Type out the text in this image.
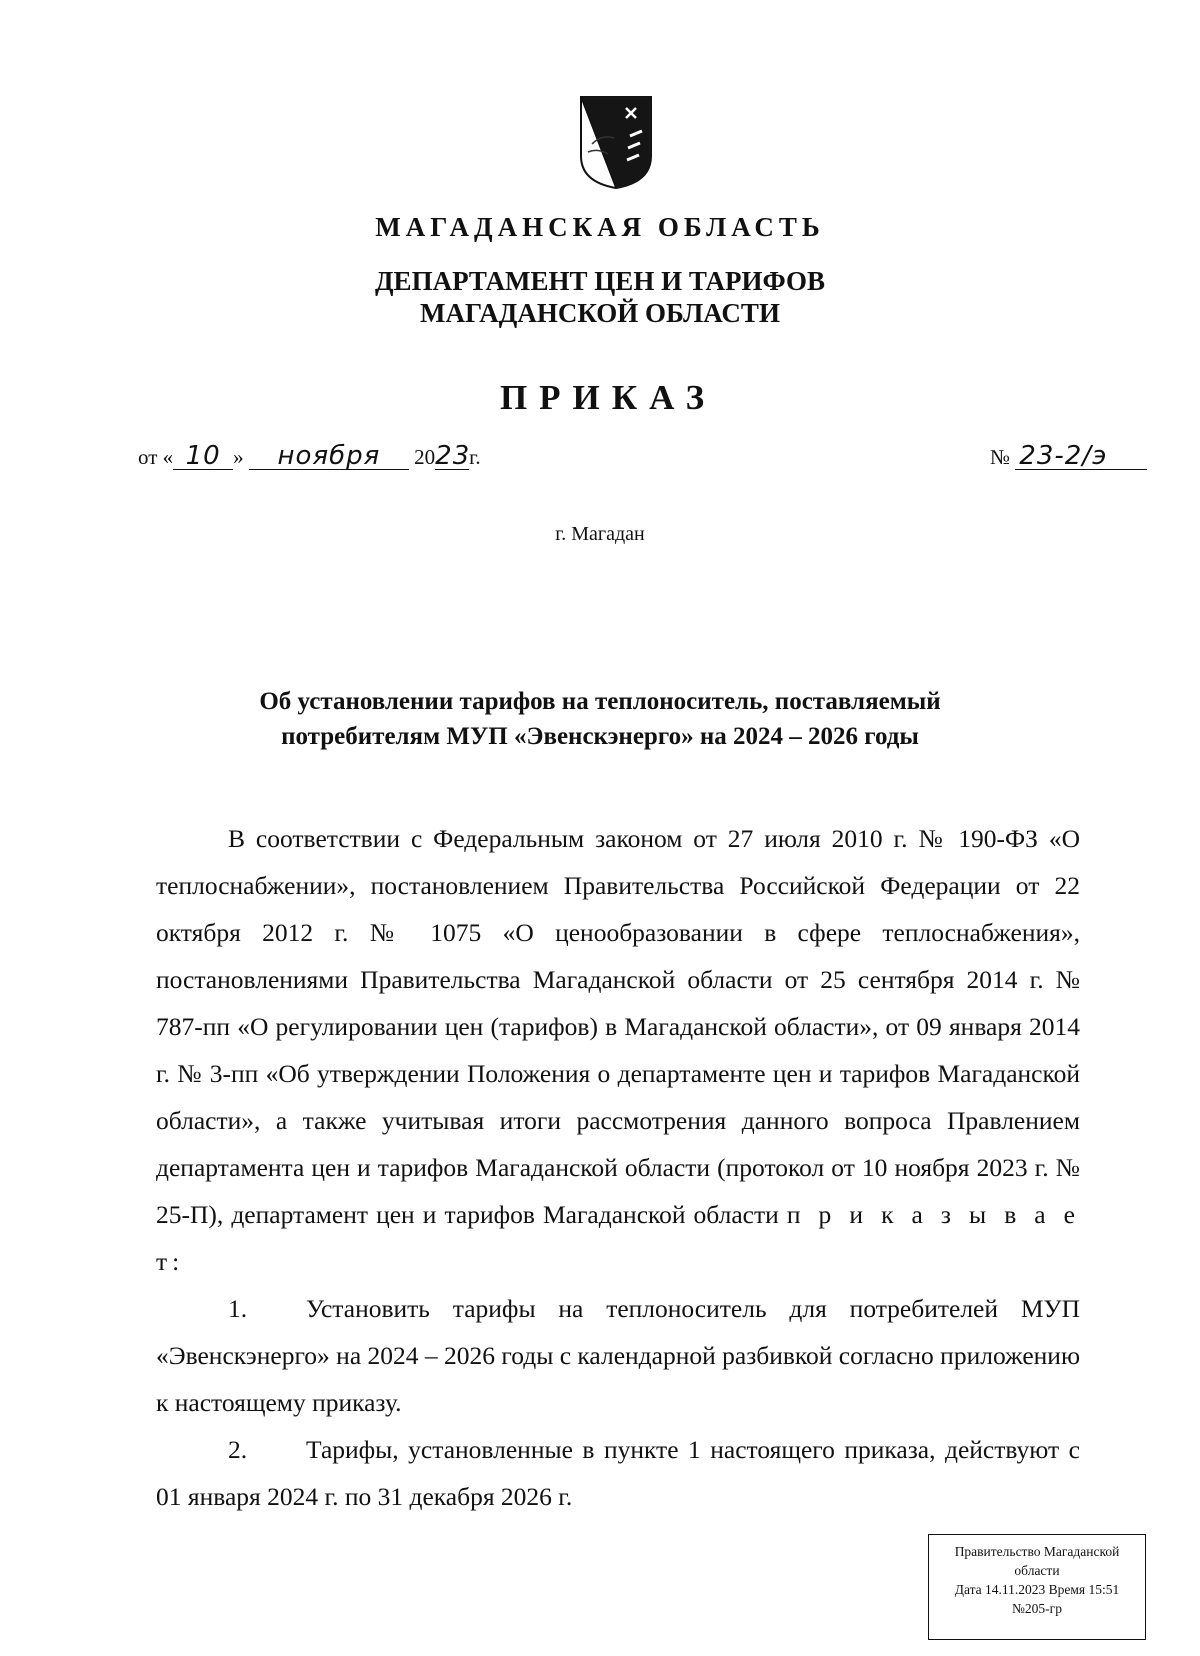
МАГАДАНСКАЯ ОБЛАСТЬ
ДЕПАРТАМЕНТ ЦЕН И ТАРИФОВ
МАГАДАНСКОЙ ОБЛАСТИ
ПРИКАЗ
от « 10 » ноября 2023г.	№ 23-2/э
г. Магадан
Об установлении тарифов на теплоноситель, поставляемый
потребителям МУП «Эвенскэнерго» на 2024 – 2026 годы

В соответствии с Федеральным законом от 27 июля 2010 г. № 190-ФЗ «О теплоснабжении», постановлением Правительства Российской Федерации от 22 октября 2012 г. № 1075 «О ценообразовании в сфере теплоснабжения», постановлениями Правительства Магаданской области от 25 сентября 2014 г. № 787-пп «О регулировании цен (тарифов) в Магаданской области», от 09 января 2014 г. № 3-пп «Об утверждении Положения о департаменте цен и тарифов Магаданской области», а также учитывая итоги рассмотрения данного вопроса Правлением департамента цен и тарифов Магаданской области (протокол от 10 ноября 2023 г. № 25-П), департамент цен и тарифов Магаданской области п р и к а з ы в а е т:

1. Установить тарифы на теплоноситель для потребителей МУП «Эвенскэнерго» на 2024 – 2026 годы с календарной разбивкой согласно приложению к настоящему приказу.

2. Тарифы, установленные в пункте 1 настоящего приказа, действуют с 01 января 2024 г. по 31 декабря 2026 г.

Правительство Магаданской
области
Дата 14.11.2023 Время 15:51
№205-гр
